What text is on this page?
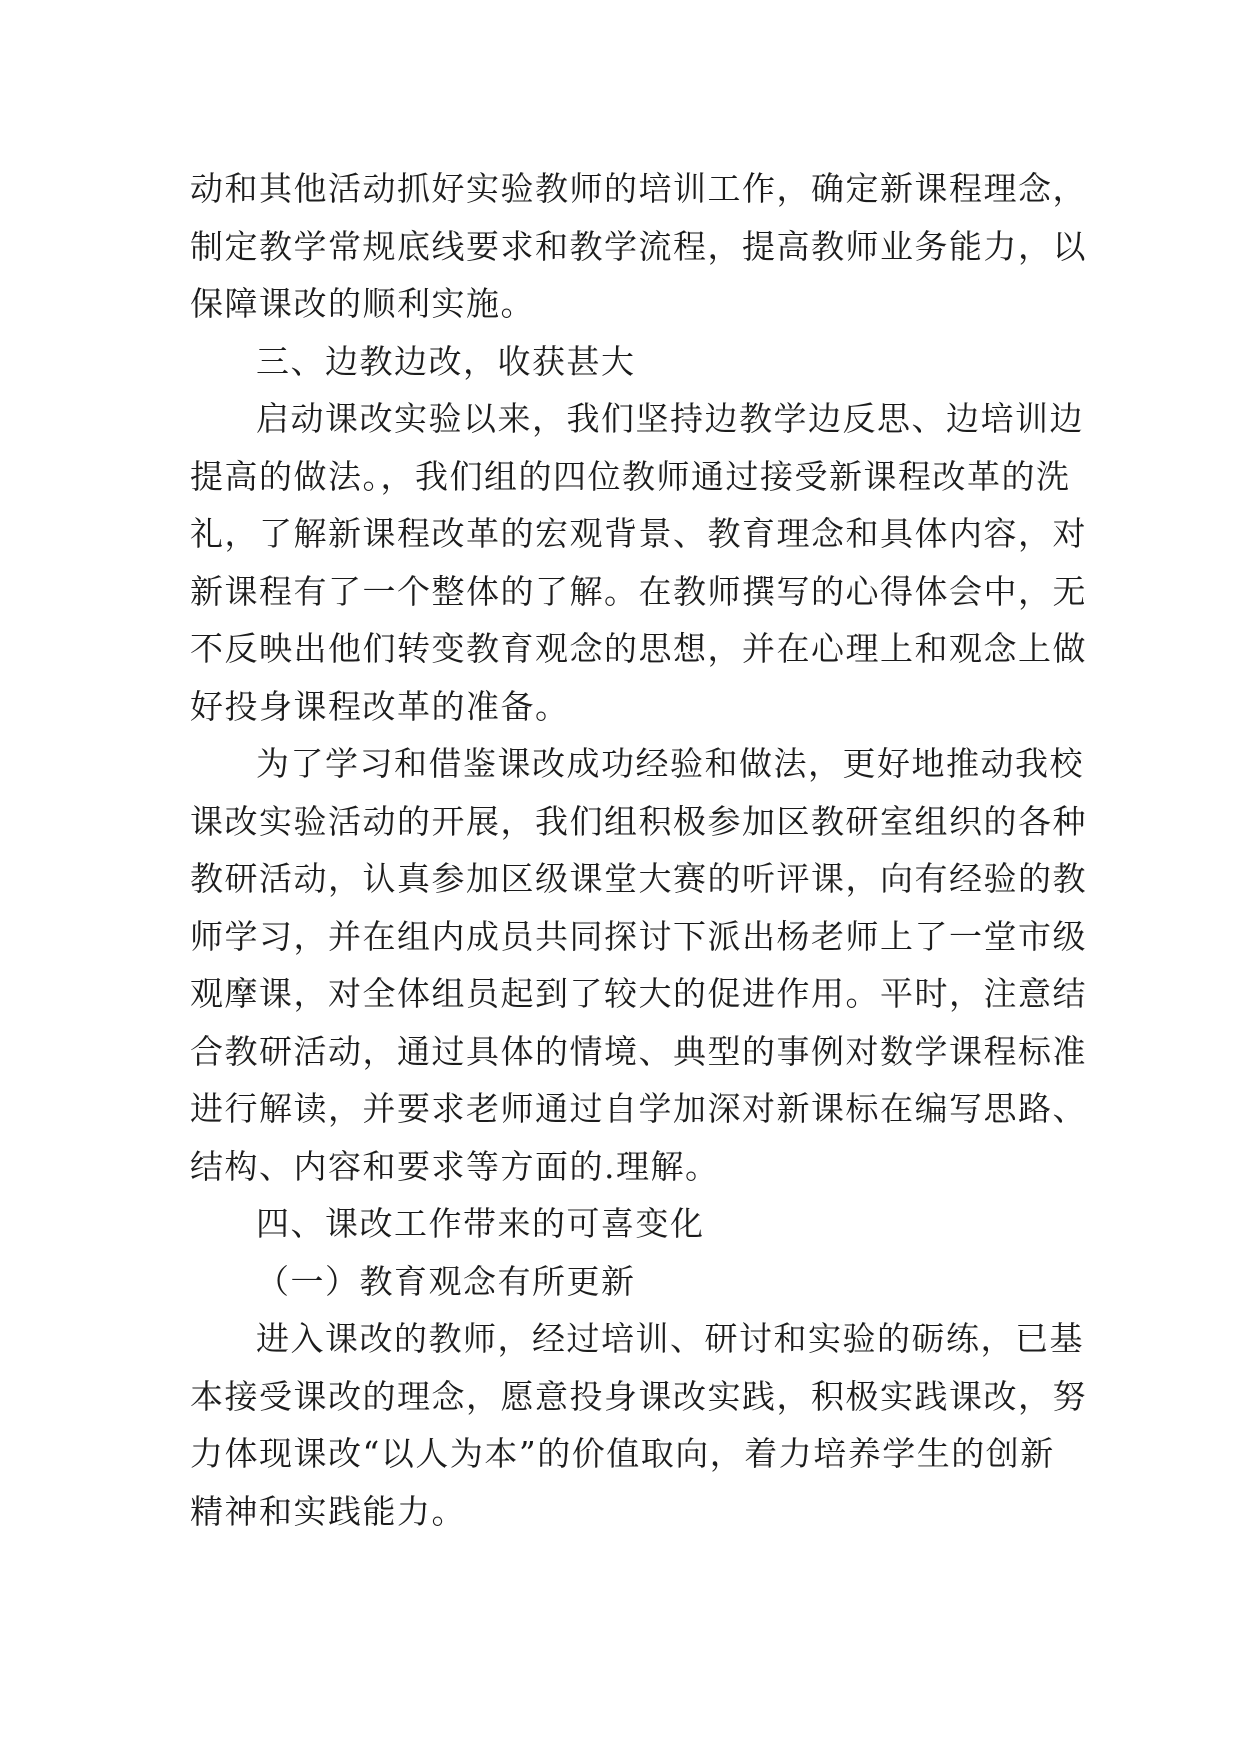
动和其他活动抓好实验教师的培训工作，确定新课程理念，
制定教学常规底线要求和教学流程，提高教师业务能力，以
保障课改的顺利实施。
三、边教边改，收获甚大
启动课改实验以来，我们坚持边教学边反思、边培训边
提高的做法。，我们组的四位教师通过接受新课程改革的洗
礼，了解新课程改革的宏观背景、教育理念和具体内容，对
新课程有了一个整体的了解。在教师撰写的心得体会中，无
不反映出他们转变教育观念的思想，并在心理上和观念上做
好投身课程改革的准备。
为了学习和借鉴课改成功经验和做法，更好地推动我校
课改实验活动的开展，我们组积极参加区教研室组织的各种
教研活动，认真参加区级课堂大赛的听评课，向有经验的教
师学习，并在组内成员共同探讨下派出杨老师上了一堂市级
观摩课，对全体组员起到了较大的促进作用。平时，注意结
合教研活动，通过具体的情境、典型的事例对数学课程标准
进行解读，并要求老师通过自学加深对新课标在编写思路、
结构、内容和要求等方面的.理解。
四、课改工作带来的可喜变化
（一）教育观念有所更新
进入课改的教师，经过培训、研讨和实验的砺练，已基
本接受课改的理念，愿意投身课改实践，积极实践课改，努
力体现课改“以人为本”的价值取向，着力培养学生的创新
精神和实践能力。
